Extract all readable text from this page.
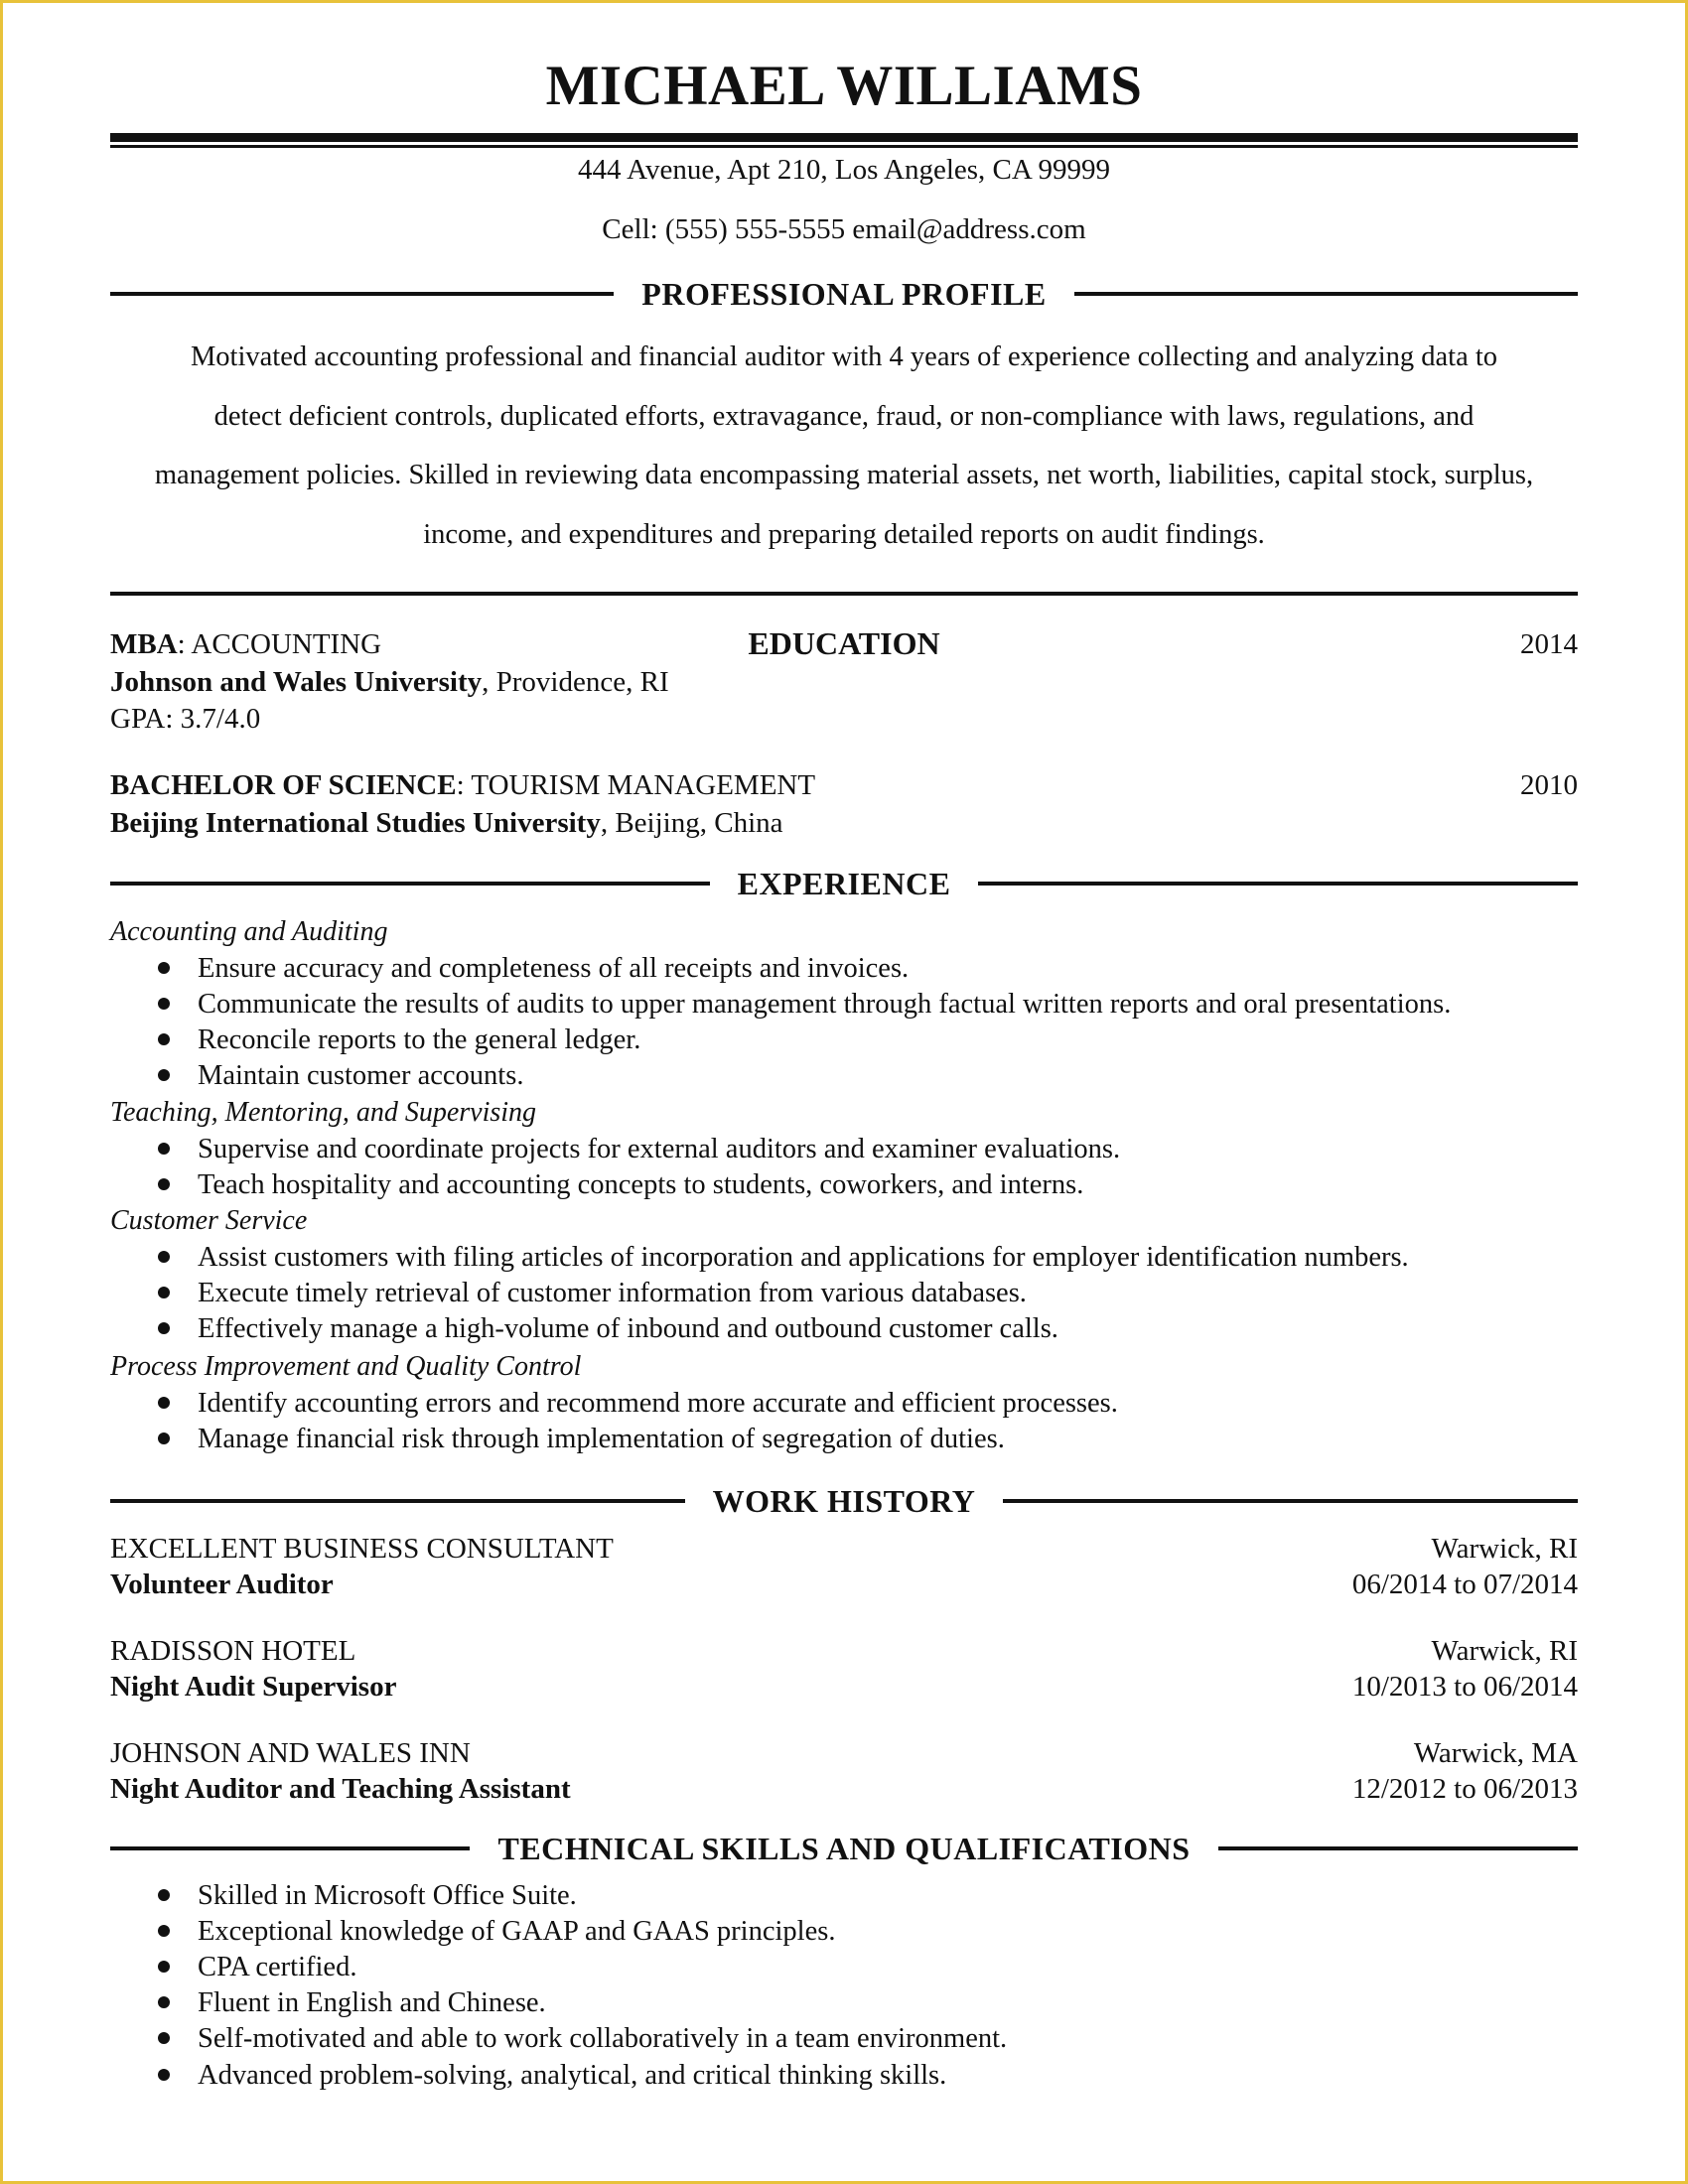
MICHAEL WILLIAMS
444 Avenue, Apt 210, Los Angeles, CA 99999
Cell: (555) 555-5555 email@address.com
PROFESSIONAL PROFILE
Motivated accounting professional and financial auditor with 4 years of experience collecting and analyzing data to
detect deficient controls, duplicated efforts, extravagance, fraud, or non-compliance with laws, regulations, and
management policies. Skilled in reviewing data encompassing material assets, net worth, liabilities, capital stock, surplus,
income, and expenditures and preparing detailed reports on audit findings.
EDUCATION
MBA: ACCOUNTING	2014
Johnson and Wales University, Providence, RI
GPA: 3.7/4.0
BACHELOR OF SCIENCE: TOURISM MANAGEMENT	2010
Beijing International Studies University, Beijing, China
EXPERIENCE
Accounting and Auditing
Ensure accuracy and completeness of all receipts and invoices.
Communicate the results of audits to upper management through factual written reports and oral presentations.
Reconcile reports to the general ledger.
Maintain customer accounts.
Teaching, Mentoring, and Supervising
Supervise and coordinate projects for external auditors and examiner evaluations.
Teach hospitality and accounting concepts to students, coworkers, and interns.
Customer Service
Assist customers with filing articles of incorporation and applications for employer identification numbers.
Execute timely retrieval of customer information from various databases.
Effectively manage a high-volume of inbound and outbound customer calls.
Process Improvement and Quality Control
Identify accounting errors and recommend more accurate and efficient processes.
Manage financial risk through implementation of segregation of duties.
WORK HISTORY
EXCELLENT BUSINESS CONSULTANT	Warwick, RI
Volunteer Auditor	06/2014 to 07/2014
RADISSON HOTEL	Warwick, RI
Night Audit Supervisor	10/2013 to 06/2014
JOHNSON AND WALES INN	Warwick, MA
Night Auditor and Teaching Assistant	12/2012 to 06/2013
TECHNICAL SKILLS AND QUALIFICATIONS
Skilled in Microsoft Office Suite.
Exceptional knowledge of GAAP and GAAS principles.
CPA certified.
Fluent in English and Chinese.
Self-motivated and able to work collaboratively in a team environment.
Advanced problem-solving, analytical, and critical thinking skills.
